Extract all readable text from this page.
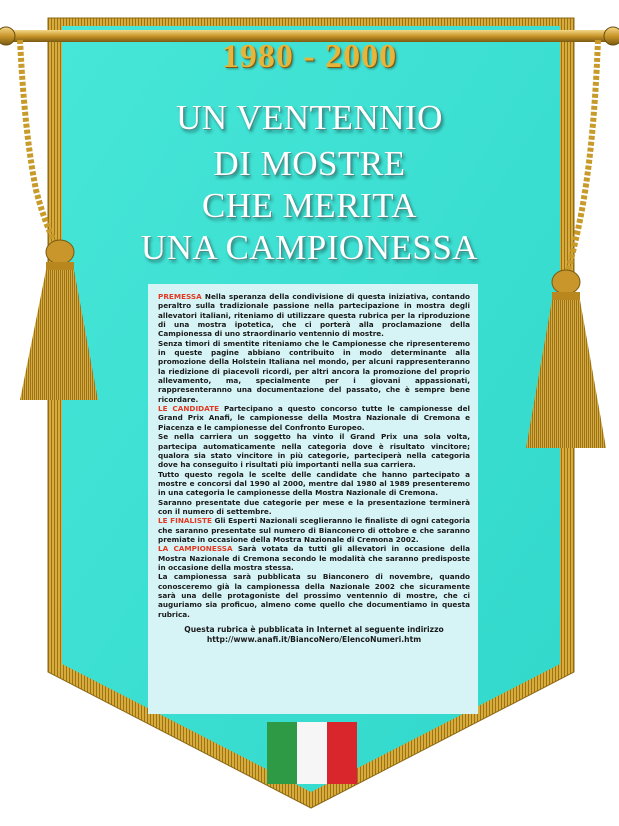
1980 - 2000
UN VENTENNIO
DI MOSTRE
CHE MERITA
UNA CAMPIONESSA

PREMESSA Nella speranza della condivisione di questa iniziativa, contando peraltro sulla tradizionale passione nella partecipazione in mostra degli allevatori italiani, riteniamo di utilizzare questa rubrica per la riproduzione di una mostra ipotetica, che ci porterà alla proclamazione della Campionessa di uno straordinario ventennio di mostre.

Senza timori di smentite riteniamo che le Campionesse che ripresenteremo in queste pagine abbiano contribuito in modo determinante alla promozione della Holstein Italiana nel mondo, per alcuni rappresenteranno la riedizione di piacevoli ricordi, per altri ancora la promozione del proprio allevamento, ma, specialmente per i giovani appassionati, rappresenteranno una documentazione del passato, che è sempre bene ricordare.

LE CANDIDATE Partecipano a questo concorso tutte le campionesse del Grand Prix Anafi, le campionesse della Mostra Nazionale di Cremona e Piacenza e le campionesse del Confronto Europeo.

Se nella carriera un soggetto ha vinto il Grand Prix una sola volta, partecipa automaticamente nella categoria dove è risultato vincitore; qualora sia stato vincitore in più categorie, parteciperà nella categoria dove ha conseguito i risultati più importanti nella sua carriera.

Tutto questo regola le scelte delle candidate che hanno partecipato a mostre e concorsi dal 1990 al 2000, mentre dal 1980 al 1989 presenteremo in una categoria le campionesse della Mostra Nazionale di Cremona.

Saranno presentate due categorie per mese e la presentazione terminerà con il numero di settembre.

LE FINALISTE Gli Esperti Nazionali sceglieranno le finaliste di ogni categoria che saranno presentate sul numero di Bianconero di ottobre e che saranno premiate in occasione della Mostra Nazionale di Cremona 2002.

LA CAMPIONESSA Sarà votata da tutti gli allevatori in occasione della Mostra Nazionale di Cremona secondo le modalità che saranno predisposte in occasione della mostra stessa.

La campionessa sarà pubblicata su Bianconero di novembre, quando conosceremo già la campionessa della Nazionale 2002 che sicuramente sarà una delle protagoniste del prossimo ventennio di mostre, che ci auguriamo sia proficuo, almeno come quello che documentiamo in questa rubrica.

Questa rubrica è pubblicata in Internet al seguente indirizzo
http://www.anafi.it/BiancoNero/ElencoNumeri.htm
